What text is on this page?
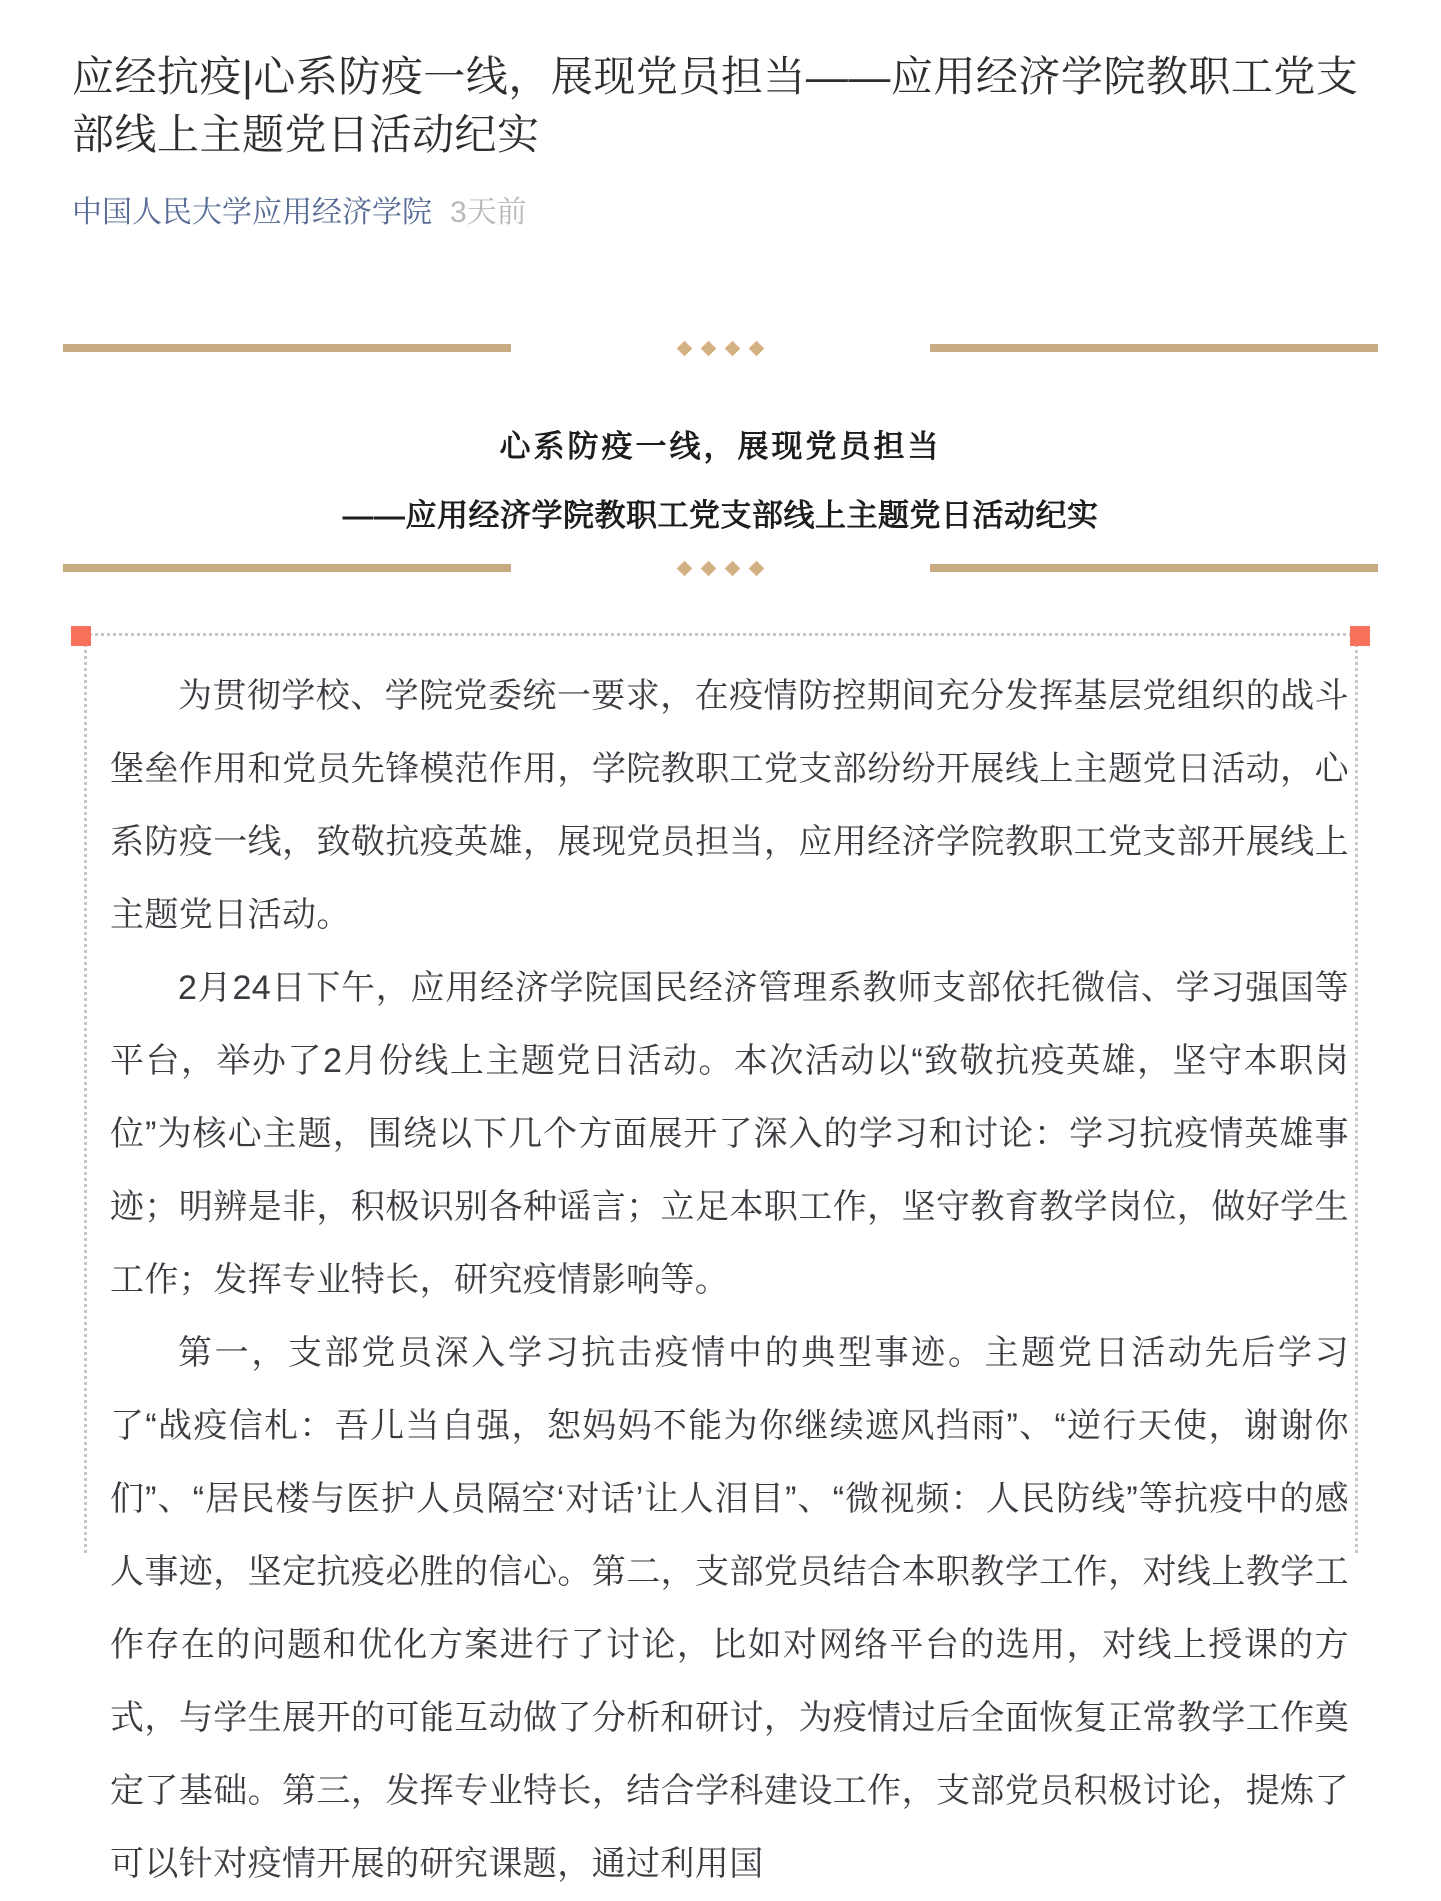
应经抗疫|心系防疫一线，展现党员担当——应用经济学院教职工党支部线上主题党日活动纪实
中国人民大学应用经济学院 3天前
心系防疫一线，展现党员担当
——应用经济学院教职工党支部线上主题党日活动纪实

为贯彻学校、学院党委统一要求，在疫情防控期间充分发挥基层党组织的战斗堡垒作用和党员先锋模范作用，学院教职工党支部纷纷开展线上主题党日活动，心系防疫一线，致敬抗疫英雄，展现党员担当，应用经济学院教职工党支部开展线上主题党日活动。

2月24日下午，应用经济学院国民经济管理系教师支部依托微信、学习强国等平台，举办了2月份线上主题党日活动。本次活动以“致敬抗疫英雄，坚守本职岗位”为核心主题，围绕以下几个方面展开了深入的学习和讨论：学习抗疫情英雄事迹；明辨是非，积极识别各种谣言；立足本职工作，坚守教育教学岗位，做好学生工作；发挥专业特长，研究疫情影响等。

第一，支部党员深入学习抗击疫情中的典型事迹。主题党日活动先后学习了“战疫信札：吾儿当自强，恕妈妈不能为你继续遮风挡雨”、“逆行天使，谢谢你们”、“居民楼与医护人员隔空‘对话’让人泪目”、“微视频：人民防线”等抗疫中的感人事迹，坚定抗疫必胜的信心。第二，支部党员结合本职教学工作，对线上教学工作存在的问题和优化方案进行了讨论，比如对网络平台的选用，对线上授课的方式，与学生展开的可能互动做了分析和研讨，为疫情过后全面恢复正常教学工作奠定了基础。第三，发挥专业特长，结合学科建设工作，支部党员积极讨论，提炼了可以针对疫情开展的研究课题，通过利用国
